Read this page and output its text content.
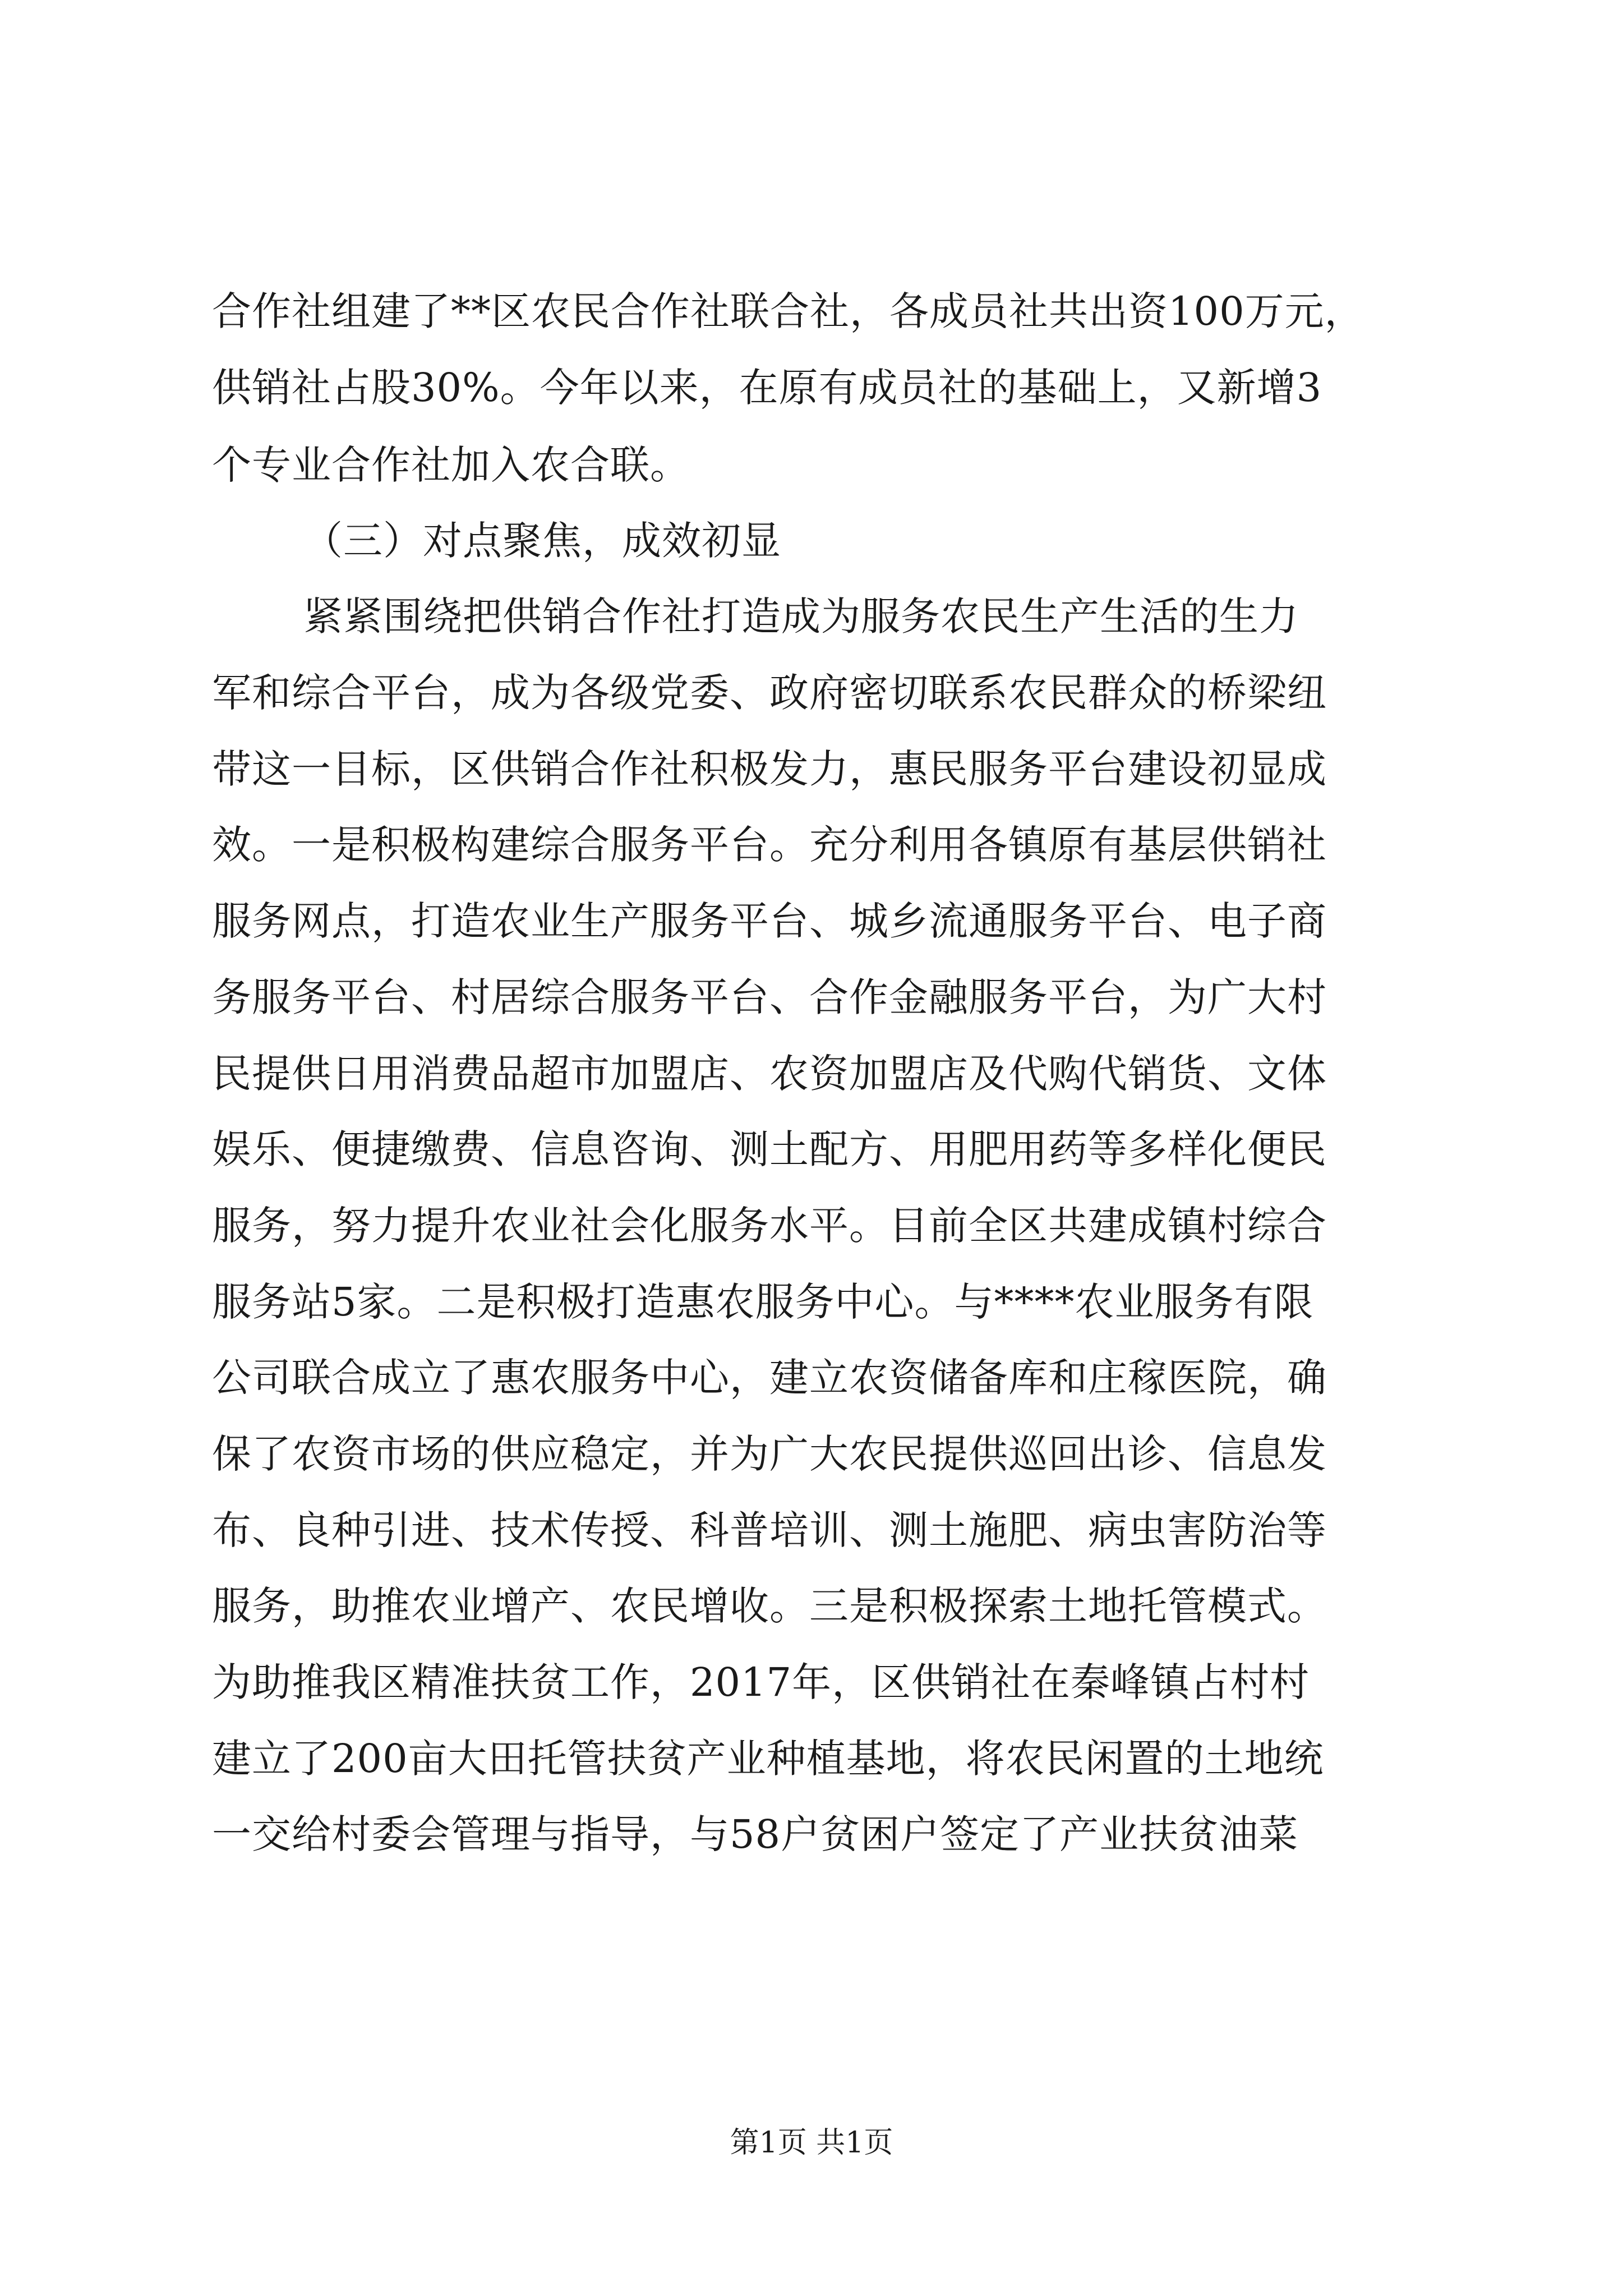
合作社组建了**区农民合作社联合社，各成员社共出资100万元，
供销社占股30%。今年以来，在原有成员社的基础上，又新增3
个专业合作社加入农合联。
（三）对点聚焦，成效初显
紧紧围绕把供销合作社打造成为服务农民生产生活的生力
军和综合平台，成为各级党委、政府密切联系农民群众的桥梁纽
带这一目标，区供销合作社积极发力，惠民服务平台建设初显成
效。一是积极构建综合服务平台。充分利用各镇原有基层供销社
服务网点，打造农业生产服务平台、城乡流通服务平台、电子商
务服务平台、村居综合服务平台、合作金融服务平台，为广大村
民提供日用消费品超市加盟店、农资加盟店及代购代销货、文体
娱乐、便捷缴费、信息咨询、测土配方、用肥用药等多样化便民
服务，努力提升农业社会化服务水平。目前全区共建成镇村综合
服务站5家。二是积极打造惠农服务中心。与****农业服务有限
公司联合成立了惠农服务中心，建立农资储备库和庄稼医院，确
保了农资市场的供应稳定，并为广大农民提供巡回出诊、信息发
布、良种引进、技术传授、科普培训、测土施肥、病虫害防治等
服务，助推农业增产、农民增收。三是积极探索土地托管模式。
为助推我区精准扶贫工作，2017年，区供销社在秦峰镇占村村
建立了200亩大田托管扶贫产业种植基地，将农民闲置的土地统
一交给村委会管理与指导，与58户贫困户签定了产业扶贫油菜
第1页 共1页
